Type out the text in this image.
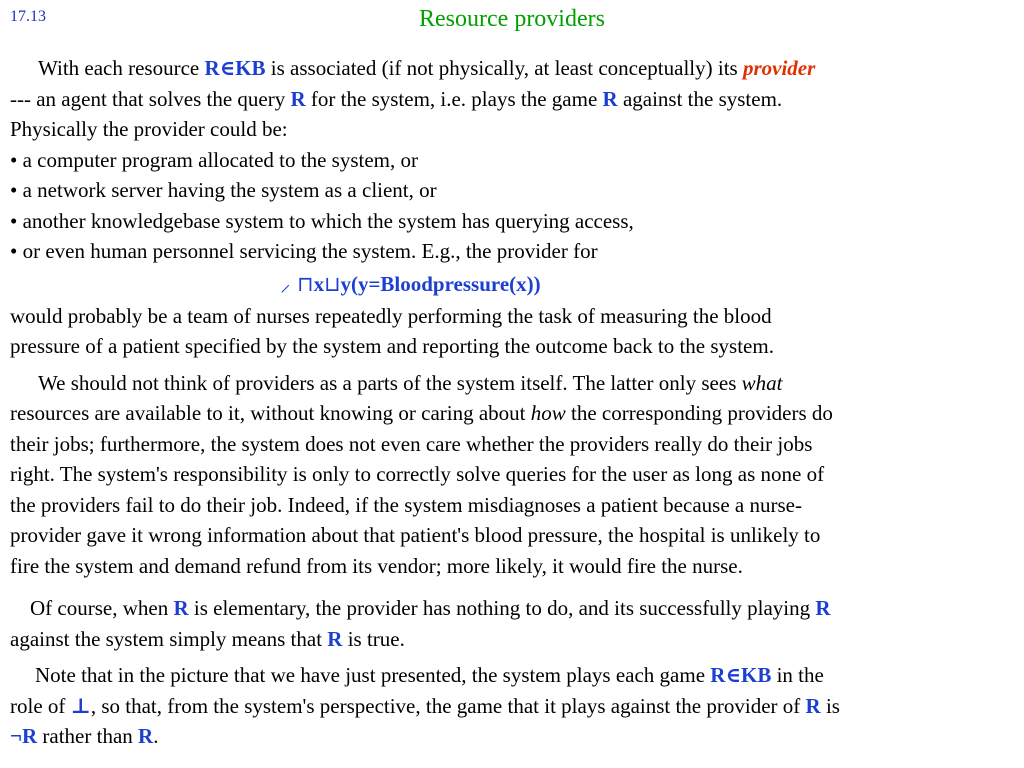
17.13	Resource providers
With each resource R∈KB is associated (if not physically, at least conceptually) its provider
--- an agent that solves the query R for the system, i.e. plays the game R against the system.
Physically the provider could be:
• a computer program allocated to the system, or
• a network server having the system as a client, or
• another knowledgebase system to which the system has querying access,
• or even human personnel servicing the system. E.g., the provider for
⸝ ⊓x⊔y(y=Bloodpressure(x))
would probably be a team of nurses repeatedly performing the task of measuring the blood
pressure of a patient specified by the system and reporting the outcome back to the system.
We should not think of providers as a parts of the system itself. The latter only sees what
resources are available to it, without knowing or caring about how the corresponding providers do
their jobs; furthermore, the system does not even care whether the providers really do their jobs
right. The system's responsibility is only to correctly solve queries for the user as long as none of
the providers fail to do their job. Indeed, if the system misdiagnoses a patient because a nurse-
provider gave it wrong information about that patient's blood pressure, the hospital is unlikely to
fire the system and demand refund from its vendor; more likely, it would fire the nurse.
Of course, when R is elementary, the provider has nothing to do, and its successfully playing R
against the system simply means that R is true.
Note that in the picture that we have just presented, the system plays each game R∈KB in the
role of ⊥, so that, from the system's perspective, the game that it plays against the provider of R is
¬R rather than R.
